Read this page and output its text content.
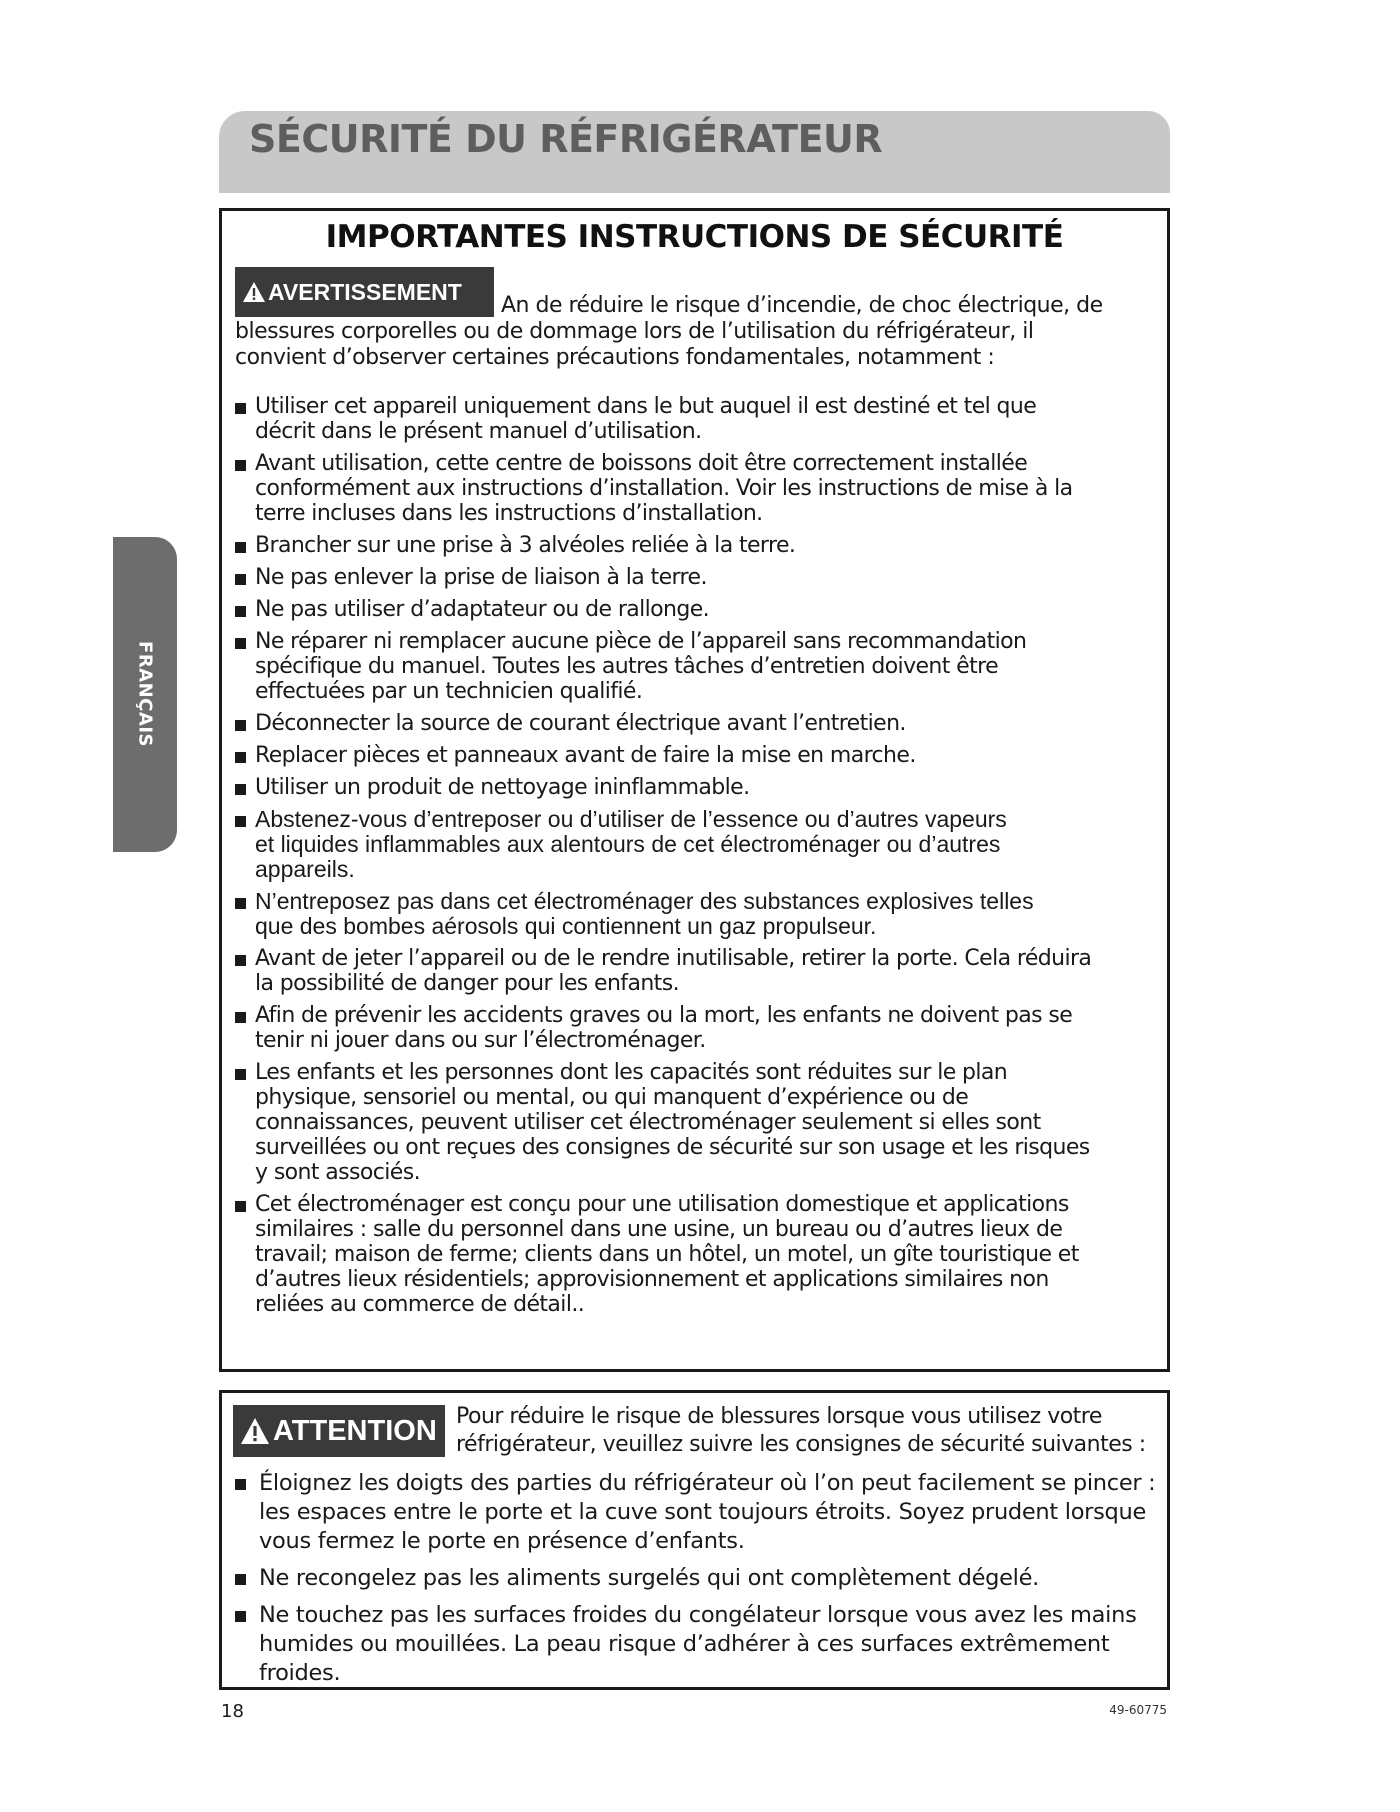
SÉCURITÉ DU RÉFRIGÉRATEUR
FRANÇAIS
IMPORTANTES INSTRUCTIONS DE SÉCURITÉ
AVERTISSEMENT
An de réduire le risque d’incendie, de choc électrique, de
blessures corporelles ou de dommage lors de l’utilisation du réfrigérateur, il
convient d’observer certaines précautions fondamentales, notamment :
Utiliser cet appareil uniquement dans le but auquel il est destiné et tel que
décrit dans le présent manuel d’utilisation.
Avant utilisation, cette centre de boissons doit être correctement installée
conformément aux instructions d’installation. Voir les instructions de mise à la
terre incluses dans les instructions d’installation.
Brancher sur une prise à 3 alvéoles reliée à la terre.
Ne pas enlever la prise de liaison à la terre.
Ne pas utiliser d’adaptateur ou de rallonge.
Ne réparer ni remplacer aucune pièce de l’appareil sans recommandation
spécifique du manuel. Toutes les autres tâches d’entretien doivent être
effectuées par un technicien qualifié.
Déconnecter la source de courant électrique avant l’entretien.
Replacer pièces et panneaux avant de faire la mise en marche.
Utiliser un produit de nettoyage ininflammable.
Abstenez-vous d’entreposer ou d’utiliser de l’essence ou d’autres vapeurs
et liquides inflammables aux alentours de cet électroménager ou d’autres
appareils.
N’entreposez pas dans cet électroménager des substances explosives telles
que des bombes aérosols qui contiennent un gaz propulseur.
Avant de jeter l’appareil ou de le rendre inutilisable, retirer la porte. Cela réduira
la possibilité de danger pour les enfants.
Afin de prévenir les accidents graves ou la mort, les enfants ne doivent pas se
tenir ni jouer dans ou sur l’électroménager.
Les enfants et les personnes dont les capacités sont réduites sur le plan
physique, sensoriel ou mental, ou qui manquent d’expérience ou de
connaissances, peuvent utiliser cet électroménager seulement si elles sont
surveillées ou ont reçues des consignes de sécurité sur son usage et les risques
y sont associés.
Cet électroménager est conçu pour une utilisation domestique et applications
similaires : salle du personnel dans une usine, un bureau ou d’autres lieux de
travail; maison de ferme; clients dans un hôtel, un motel, un gîte touristique et
d’autres lieux résidentiels; approvisionnement et applications similaires non
reliées au commerce de détail..
ATTENTION Pour réduire le risque de blessures lorsque vous utilisez votre
réfrigérateur, veuillez suivre les consignes de sécurité suivantes :
Éloignez les doigts des parties du réfrigérateur où l’on peut facilement se pincer :
les espaces entre le porte et la cuve sont toujours étroits. Soyez prudent lorsque
vous fermez le porte en présence d’enfants.
Ne recongelez pas les aliments surgelés qui ont complètement dégelé.
Ne touchez pas les surfaces froides du congélateur lorsque vous avez les mains
humides ou mouillées. La peau risque d’adhérer à ces surfaces extrêmement
froides.
18	49-60775
